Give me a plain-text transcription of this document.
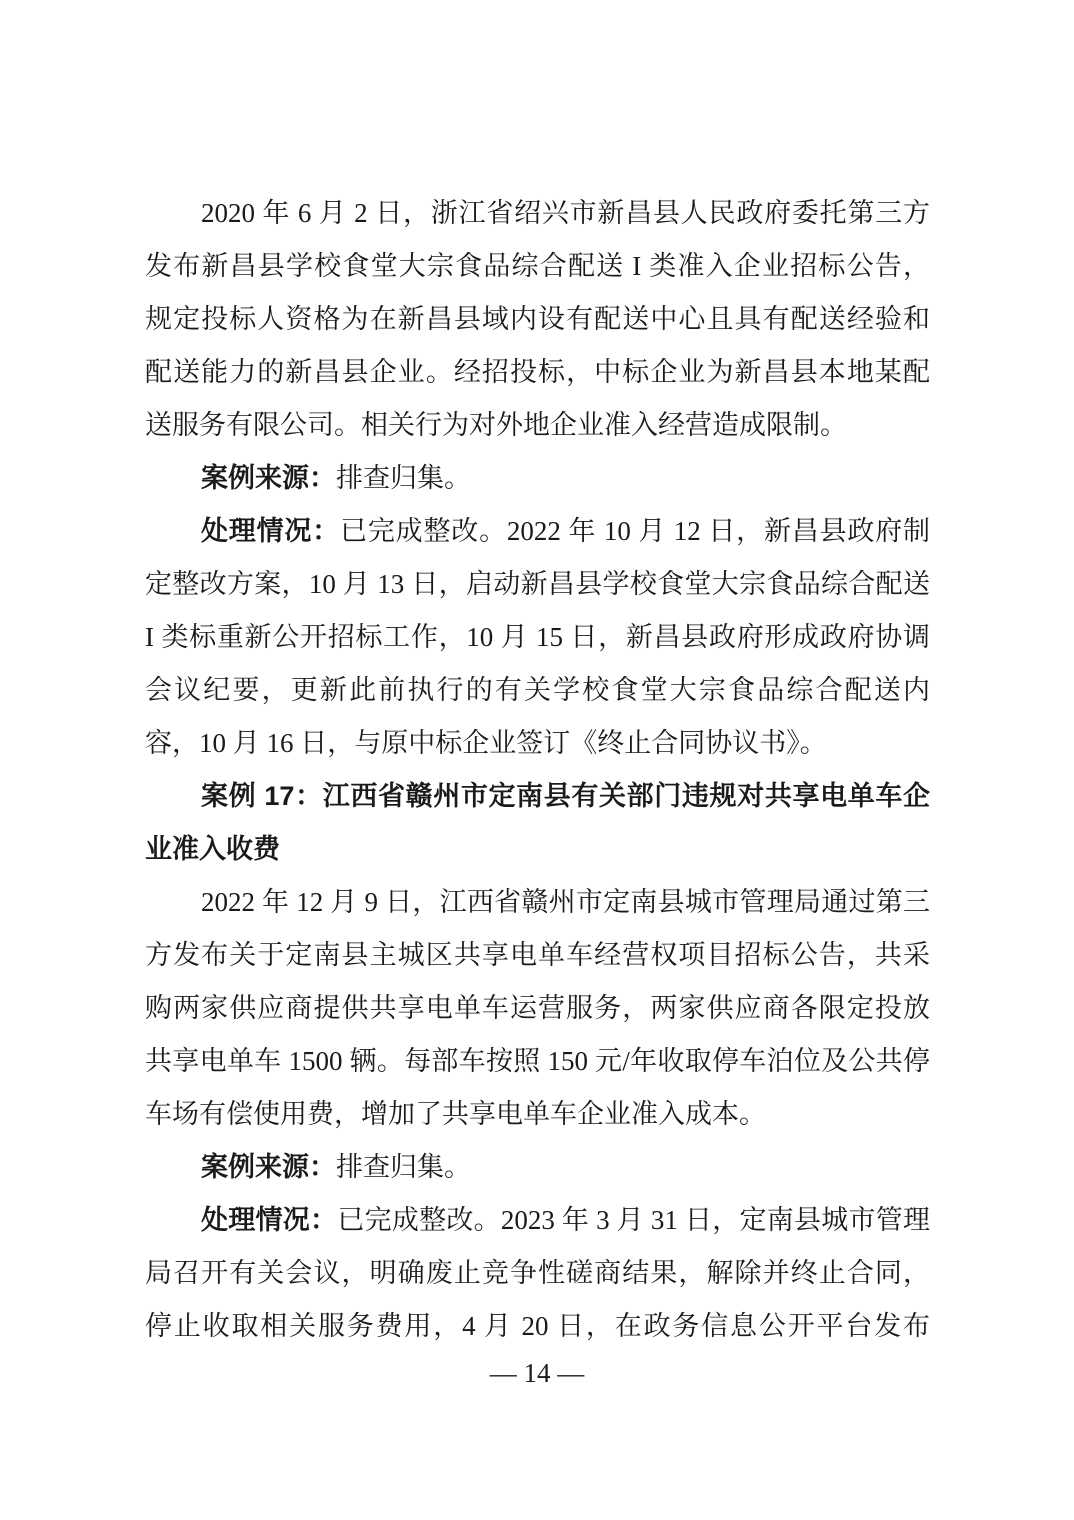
2020 年 6 月 2 日，浙江省绍兴市新昌县人民政府委托第三方
发布新昌县学校食堂大宗食品综合配送 I 类准入企业招标公告，
规定投标人资格为在新昌县域内设有配送中心且具有配送经验和
配送能力的新昌县企业。经招投标，中标企业为新昌县本地某配
送服务有限公司。相关行为对外地企业准入经营造成限制。
案例来源：排查归集。
处理情况：已完成整改。2022 年 10 月 12 日，新昌县政府制
定整改方案，10 月 13 日，启动新昌县学校食堂大宗食品综合配送
I 类标重新公开招标工作，10 月 15 日，新昌县政府形成政府协调
会议纪要，更新此前执行的有关学校食堂大宗食品综合配送内
容，10 月 16 日，与原中标企业签订《终止合同协议书》。
案例 17：江西省赣州市定南县有关部门违规对共享电单车企
业准入收费
2022 年 12 月 9 日，江西省赣州市定南县城市管理局通过第三
方发布关于定南县主城区共享电单车经营权项目招标公告，共采
购两家供应商提供共享电单车运营服务，两家供应商各限定投放
共享电单车 1500 辆。每部车按照 150 元/年收取停车泊位及公共停
车场有偿使用费，增加了共享电单车企业准入成本。
案例来源：排查归集。
处理情况：已完成整改。2023 年 3 月 31 日，定南县城市管理
局召开有关会议，明确废止竞争性磋商结果，解除并终止合同，
停止收取相关服务费用，4 月 20 日，在政务信息公开平台发布
— 14 —
